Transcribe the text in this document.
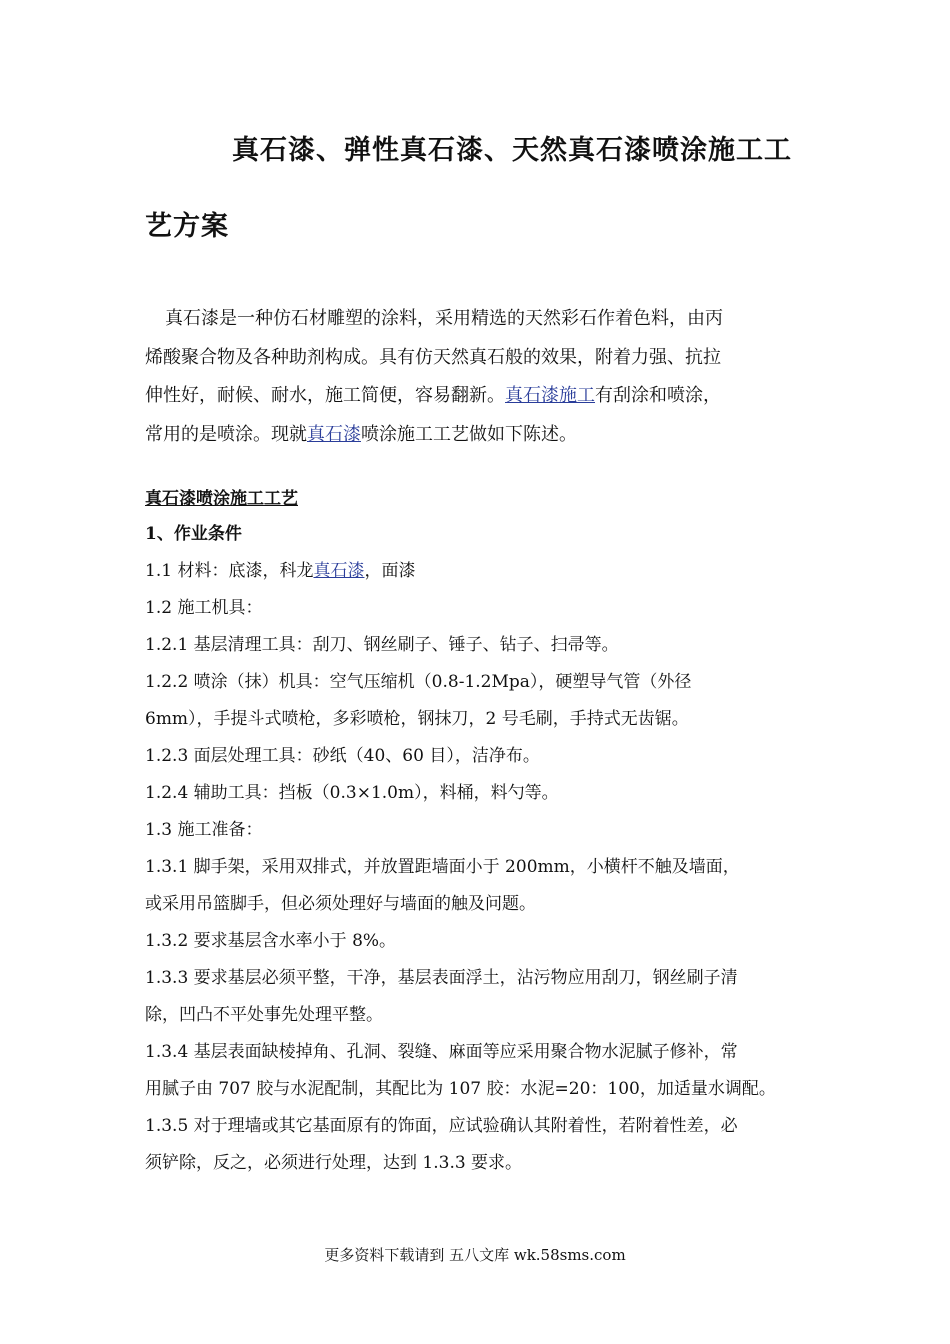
真石漆、弹性真石漆、天然真石漆喷涂施工工
艺方案

真石漆是一种仿石材雕塑的涂料，采用精选的天然彩石作着色料，由丙

烯酸聚合物及各种助剂构成。具有仿天然真石般的效果，附着力强、抗拉

伸性好，耐候、耐水，施工简便，容易翻新。真石漆施工有刮涂和喷涂，

常用的是喷涂。现就真石漆喷涂施工工艺做如下陈述。

真石漆喷涂施工工艺
1、作业条件
1.1 材料：底漆，科龙真石漆，面漆
1.2 施工机具：
1.2.1 基层清理工具：刮刀、钢丝刷子、锤子、钻子、扫帚等。
1.2.2 喷涂（抹）机具：空气压缩机（0.8-1.2Mpa），硬塑导气管（外径
6mm），手提斗式喷枪，多彩喷枪，钢抹刀，2 号毛刷，手持式无齿锯。
1.2.3 面层处理工具：砂纸（40、60 目），洁净布。
1.2.4 辅助工具：挡板（0.3×1.0m），料桶，料勺等。
1.3 施工准备：
1.3.1 脚手架，采用双排式，并放置距墙面小于 200mm，小横杆不触及墙面，
或采用吊篮脚手，但必须处理好与墙面的触及问题。
1.3.2 要求基层含水率小于 8%。
1.3.3 要求基层必须平整，干净，基层表面浮土，沾污物应用刮刀，钢丝刷子清
除，凹凸不平处事先处理平整。
1.3.4 基层表面缺棱掉角、孔洞、裂缝、麻面等应采用聚合物水泥腻子修补，常
用腻子由 707 胶与水泥配制，其配比为 107 胶：水泥=20：100，加适量水调配。
1.3.5 对于理墙或其它基面原有的饰面，应试验确认其附着性，若附着性差，必
须铲除，反之，必须进行处理，达到 1.3.3 要求。
更多资料下载请到 五八文库 wk.58sms.com
